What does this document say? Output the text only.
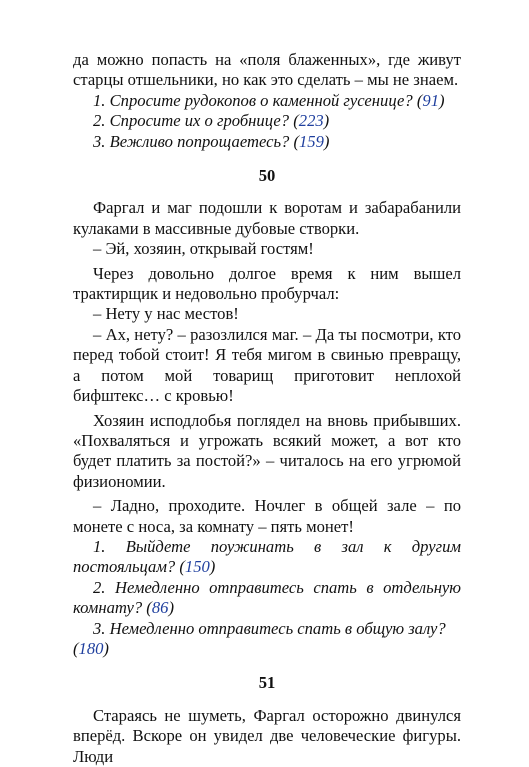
да можно попасть на «поля блаженных», где живут старцы отшельники, но как это сделать – мы не знаем.

1. Спросите рудокопов о каменной гусенице? (91)

2. Спросите их о гробнице? (223)

3. Вежливо попрощаетесь? (159)

50

Фаргал и маг подошли к воротам и забарабанили кулаками в массивные дубовые створки.

– Эй, хозяин, открывай гостям!

Через довольно долгое время к ним вышел трактирщик и недовольно пробурчал:

– Нету у нас местов!

– Ах, нету? – разозлился маг. – Да ты посмотри, кто перед тобой стоит! Я тебя мигом в свинью превращу, а потом мой товарищ приготовит неплохой бифштекс… с кровью!

Хозяин исподлобья поглядел на вновь прибывших. «Похваляться и угрожать всякий может, а вот кто будет платить за постой?» – читалось на его угрюмой физиономии.

– Ладно, проходите. Ночлег в общей зале – по монете с носа, за комнату – пять монет!

1. Выйдете поужинать в зал к другим постояльцам? (150)

2. Немедленно отправитесь спать в отдельную комнату? (86)

3. Немедленно отправитесь спать в общую залу? (180)

51

Стараясь не шуметь, Фаргал осторожно двинулся вперёд. Вскоре он увидел две человеческие фигуры. Люди
